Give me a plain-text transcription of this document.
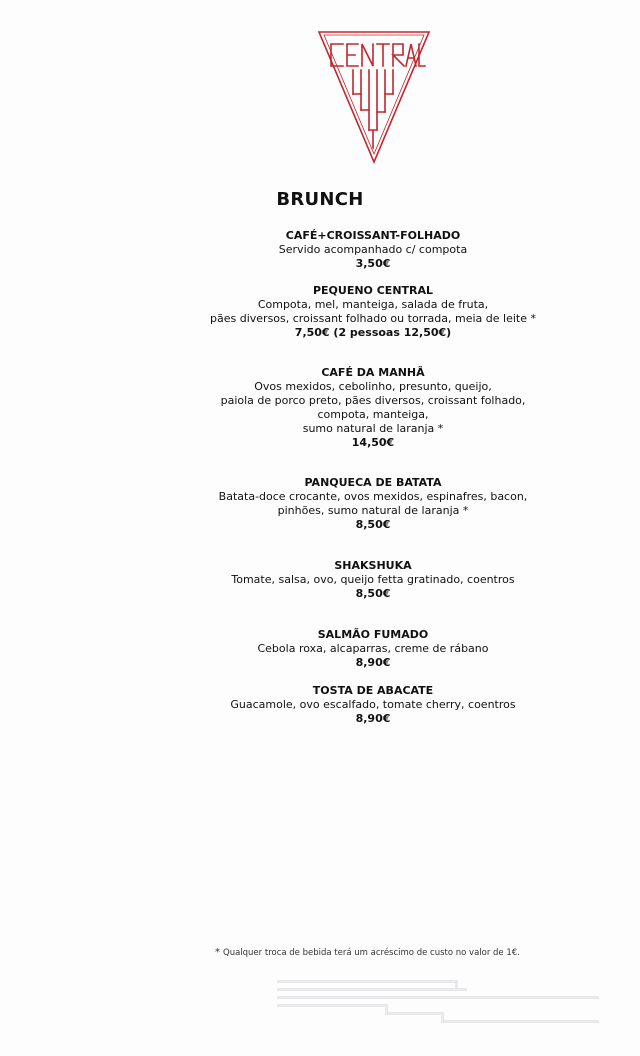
BRUNCH
CAFÉ+CROISSANT-FOLHADO
Servido acompanhado c/ compota
3,50€
PEQUENO CENTRAL
Compota, mel, manteiga, salada de fruta,
pães diversos, croissant folhado ou torrada, meia de leite *
7,50€ (2 pessoas 12,50€)
CAFÉ DA MANHÃ
Ovos mexidos, cebolinho, presunto, queijo,
paiola de porco preto, pães diversos, croissant folhado,
compota, manteiga,
sumo natural de laranja *
14,50€
PANQUECA DE BATATA
Batata-doce crocante, ovos mexidos, espinafres, bacon,
pinhões, sumo natural de laranja *
8,50€
SHAKSHUKA
Tomate, salsa, ovo, queijo fetta gratinado, coentros
8,50€
SALMÃO FUMADO
Cebola roxa, alcaparras, creme de rábano
8,90€
TOSTA DE ABACATE
Guacamole, ovo escalfado, tomate cherry, coentros
8,90€
* Qualquer troca de bebida terá um acréscimo de custo no valor de 1€.
